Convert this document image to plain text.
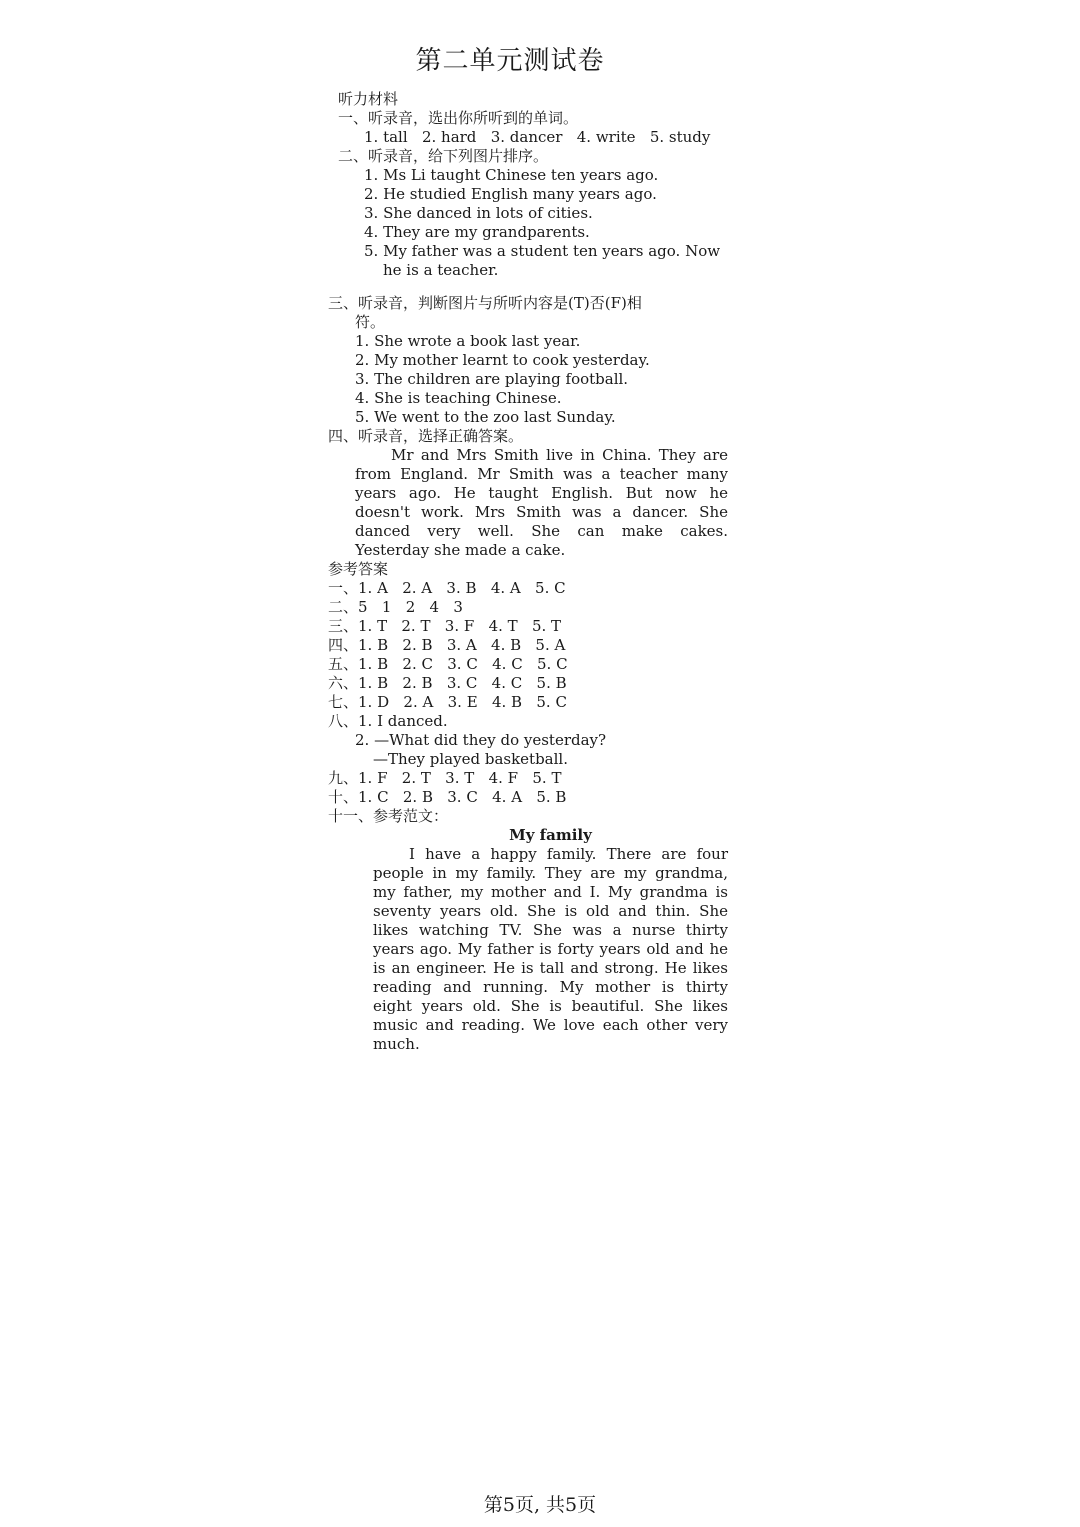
第二单元测试卷
听力材料
一、听录音，选出你所听到的单词。
1. tall   2. hard   3. dancer   4. write   5. study
二、听录音，给下列图片排序。
1. Ms Li taught Chinese ten years ago.
2. He studied English many years ago.
3. She danced in lots of cities.
4. They are my grandparents.
5. My father was a student ten years ago. Now
he is a teacher.
三、听录音，判断图片与所听内容是(T)否(F)相
符。
1. She wrote a book last year.
2. My mother learnt to cook yesterday.
3. The children are playing football.
4. She is teaching Chinese.
5. We went to the zoo last Sunday.
四、听录音，选择正确答案。
Mr and Mrs Smith live in China. They are from England. Mr Smith was a teacher many years ago. He taught English. But now he doesn't work. Mrs Smith was a dancer. She danced very well. She can make cakes. Yesterday she made a cake.
参考答案
一、1. A   2. A   3. B   4. A   5. C
二、5   1   2   4   3
三、1. T   2. T   3. F   4. T   5. T
四、1. B   2. B   3. A   4. B   5. A
五、1. B   2. C   3. C   4. C   5. C
六、1. B   2. B   3. C   4. C   5. B
七、1. D   2. A   3. E   4. B   5. C
八、1. I danced.
2. —What did they do yesterday?
—They played basketball.
九、1. F   2. T   3. T   4. F   5. T
十、1. C   2. B   3. C   4. A   5. B
十一、参考范文：
My family
I have a happy family. There are four people in my family. They are my grandma, my father, my mother and I. My grandma is seventy years old. She is old and thin. She likes watching TV. She was a nurse thirty years ago. My father is forty years old and he is an engineer. He is tall and strong. He likes reading and running. My mother is thirty eight years old. She is beautiful. She likes music and reading. We love each other very much.
第5页, 共5页
